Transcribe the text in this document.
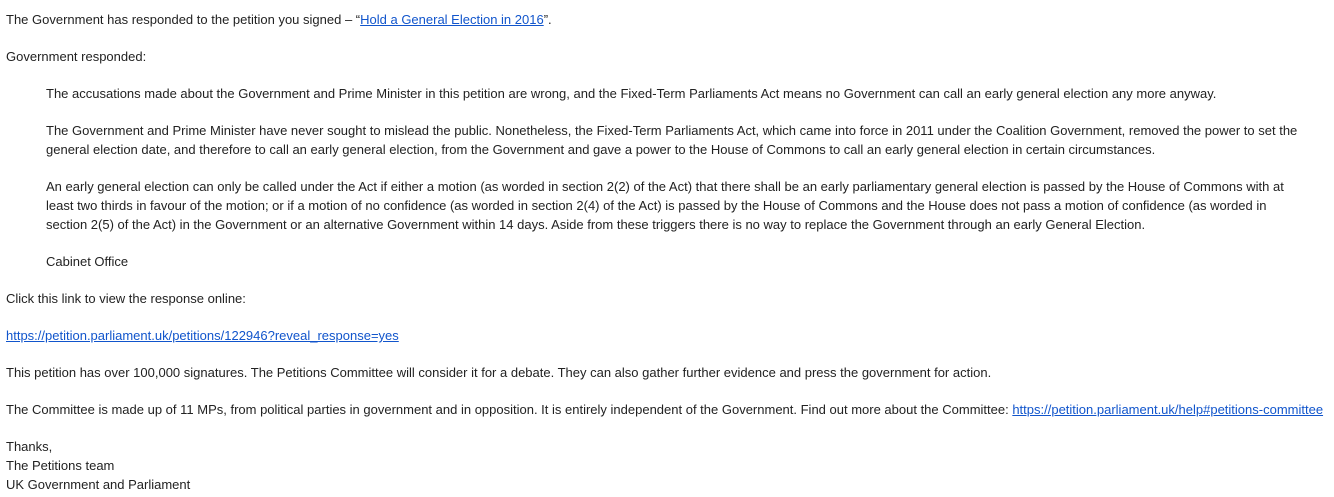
The Government has responded to the petition you signed – “Hold a General Election in 2016”.

Government responded:

The accusations made about the Government and Prime Minister in this petition are wrong, and the Fixed-Term Parliaments Act means no Government can call an early general election any more anyway.

The Government and Prime Minister have never sought to mislead the public. Nonetheless, the Fixed-Term Parliaments Act, which came into force in 2011 under the Coalition Government, removed the power to set the general election date, and therefore to call an early general election, from the Government and gave a power to the House of Commons to call an early general election in certain circumstances.

An early general election can only be called under the Act if either a motion (as worded in section 2(2) of the Act) that there shall be an early parliamentary general election is passed by the House of Commons with at least two thirds in favour of the motion; or if a motion of no confidence (as worded in section 2(4) of the Act) is passed by the House of Commons and the House does not pass a motion of confidence (as worded in section 2(5) of the Act) in the Government or an alternative Government within 14 days. Aside from these triggers there is no way to replace the Government through an early General Election.

Cabinet Office

Click this link to view the response online:

https://petition.parliament.uk/petitions/122946?reveal_response=yes

This petition has over 100,000 signatures. The Petitions Committee will consider it for a debate. They can also gather further evidence and press the government for action.

The Committee is made up of 11 MPs, from political parties in government and in opposition. It is entirely independent of the Government. Find out more about the Committee: https://petition.parliament.uk/help#petitions-committee

Thanks,

The Petitions team

UK Government and Parliament
